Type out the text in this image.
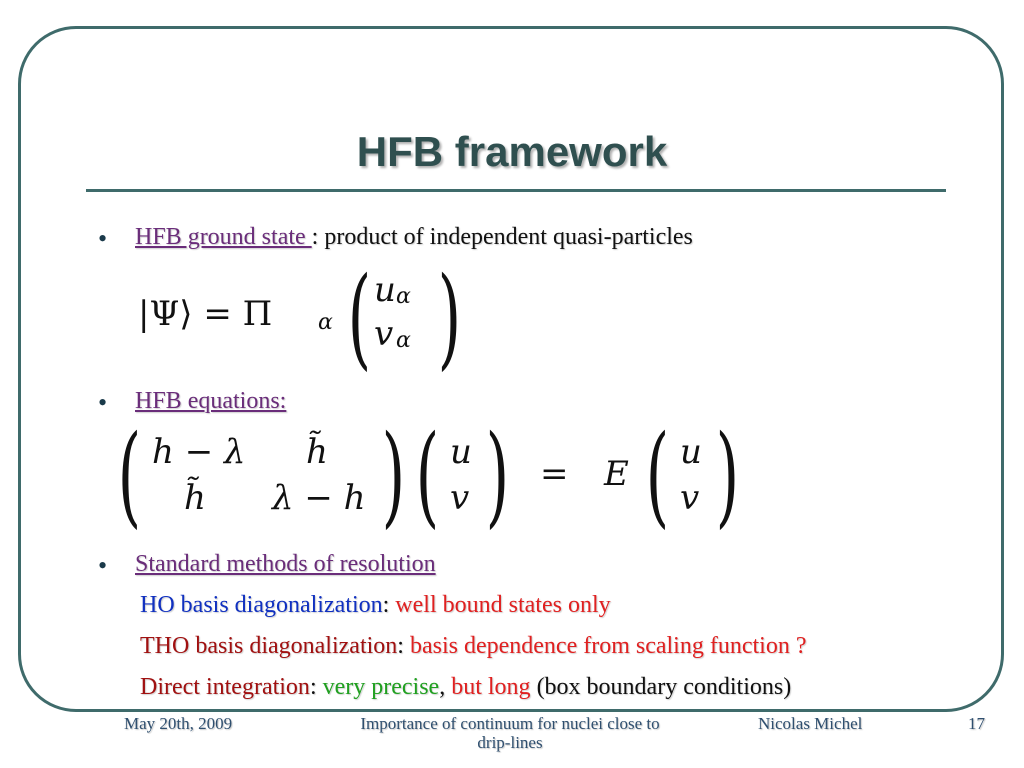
HFB framework
• HFB ground state : product of independent quasi-particles
|Ψ⟩ = Π α ( u α
v α )
• HFB equations:
( h − λ h̃
h̃ λ − h ) ( u
v ) = E ( u
v )
• Standard methods of resolution
HO basis diagonalization: well bound states only
THO basis diagonalization: basis dependence from scaling function ?
Direct integration: very precise, but long (box boundary conditions)
May 20th, 2009	Importance of continuum for nuclei close to
drip-lines
Nicolas Michel	17
